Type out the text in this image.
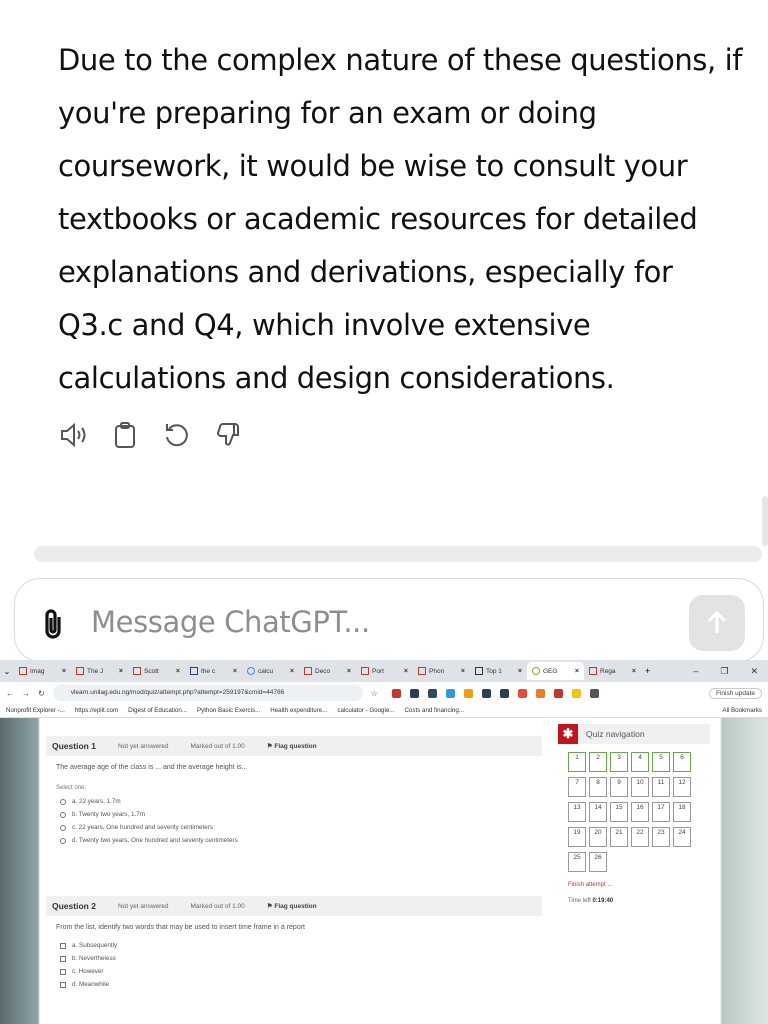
Due to the complex nature of these questions, if
you're preparing for an exam or doing
coursework, it would be wise to consult your
textbooks or academic resources for detailed
explanations and derivations, especially for
Q3.c and Q4, which involve extensive
calculations and design considerations.
Message ChatGPT...
⌄	Imag ×	The J ×	Scott ×	the c	×	calcu ×	Deco ×	Port	×	Phon ×	Top 1 ×	GEG ×	Rega ×	+	– ❐ ✕
← → ↻	vlearn.unilag.edu.ng/mod/quiz/attempt.php?attempt=259197&cmid=44786	☆	Finish update
Nonprofit Explorer -... https://eplit.com Digest of Education... Python Basic Exercis... Health expenditure... calculator - Google... Costs and financing...	All Bookmarks
Question 1	Not yet answered	Marked out of 1.00	⚑ Flag question
The average age of the class is ... and the average height is...
Select one:
a. 22 years, 1.7m
b. Twenty two years, 1.7m
c. 22 years, One hundred and seventy centimeters
d. Twenty two years, One hundred and seventy centimeters
Question 2	Not yet answered	Marked out of 1.00	⚑ Flag question
From the list, identify two words that may be used to insert time frame in a report
a. Subsequently
b. Nevertheless
c. However
d. Meanwhile
✱	Quiz navigation
1	2	3	4	5	6
7	8	9	10	11	12
13	14	15	16	17	18
19	20	21	22	23	24
25	26
Finish attempt ...
Time left 0:19:40
